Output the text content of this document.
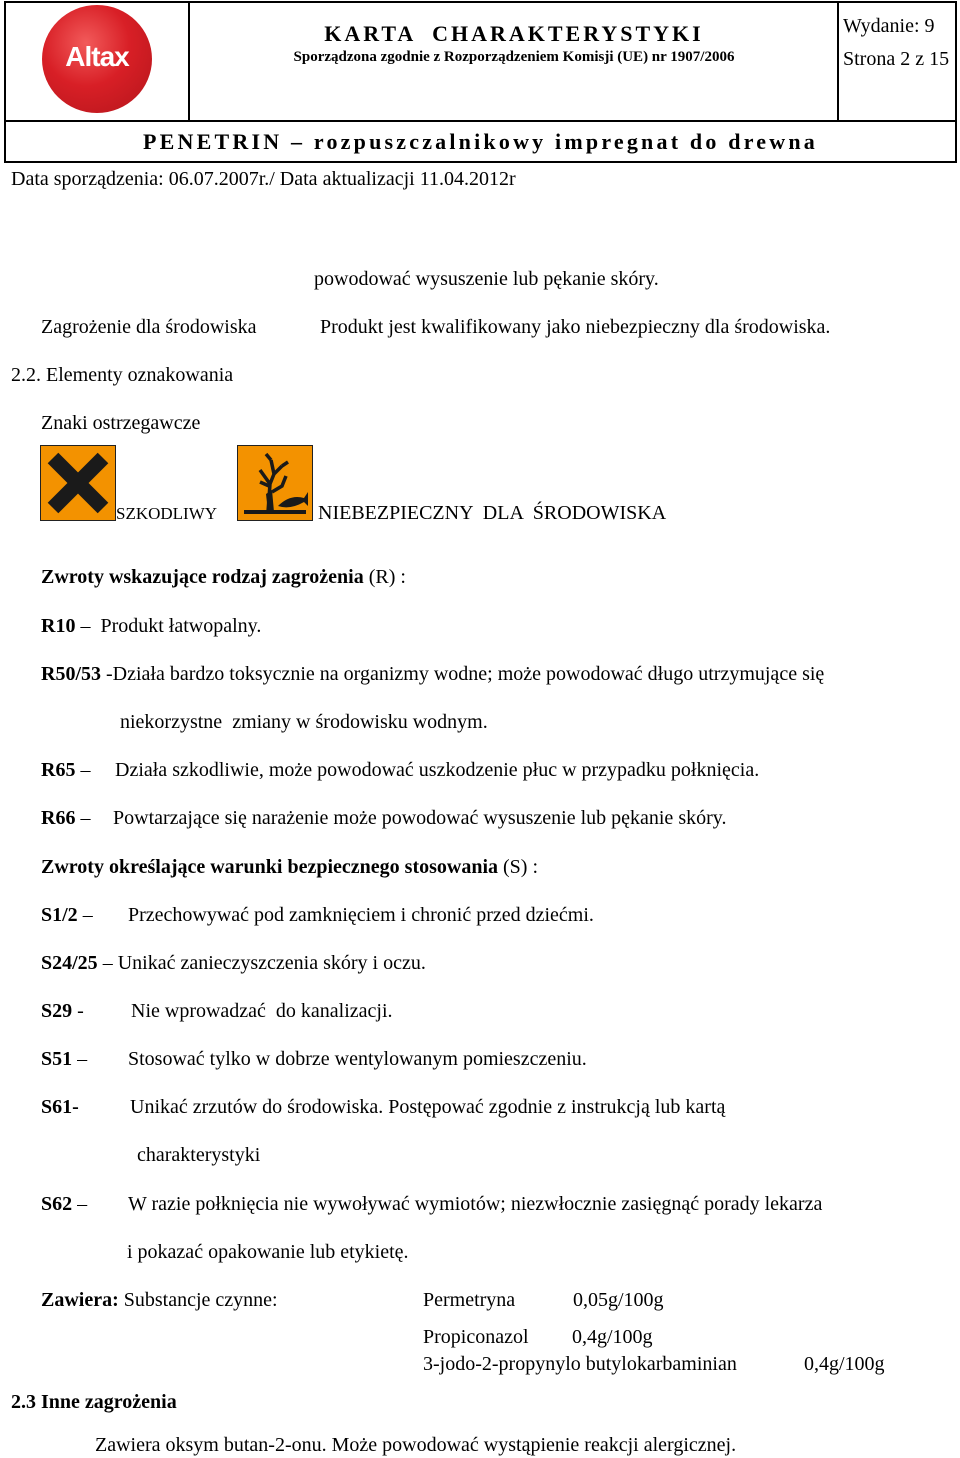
Altax
KARTA  CHARAKTERYSTYKI
Sporządzona zgodnie z Rozporządzeniem Komisji (UE) nr 1907/2006
Wydanie: 9
Strona 2 z 15
PENETRIN – rozpuszczalnikowy impregnat do drewna
Data sporządzenia: 06.07.2007r./ Data aktualizacji 11.04.2012r
powodować wysuszenie lub pękanie skóry.
Zagrożenie dla środowiska	Produkt jest kwalifikowany jako niebezpieczny dla środowiska.
2.2. Elementy oznakowania
Znaki ostrzegawcze
SZKODLIWY	NIEBEZPIECZNY  DLA  ŚRODOWISKA
Zwroty wskazujące rodzaj zagrożenia (R) :
R10 –  Produkt łatwopalny.
R50/53 -Działa bardzo toksycznie na organizmy wodne; może powodować długo utrzymujące się
niekorzystne  zmiany w środowisku wodnym.
R65 – Działa szkodliwie, może powodować uszkodzenie płuc w przypadku połknięcia.
R66 – Powtarzające się narażenie może powodować wysuszenie lub pękanie skóry.
Zwroty określające warunki bezpiecznego stosowania (S) :
S1/2 – Przechowywać pod zamknięciem i chronić przed dziećmi.
S24/25 – Unikać zanieczyszczenia skóry i oczu.
S29 - Nie wprowadzać  do kanalizacji.
S51 – Stosować tylko w dobrze wentylowanym pomieszczeniu.
S61-	Unikać zrzutów do środowiska. Postępować zgodnie z instrukcją lub kartą
charakterystyki
S62 – W razie połknięcia nie wywoływać wymiotów; niezwłocznie zasięgnąć porady lekarza
i pokazać opakowanie lub etykietę.
Zawiera: Substancje czynne:	Permetryna	0,05g/100g
Propiconazol 0,4g/100g
3-jodo-2-propynylo butylokarbaminian	0,4g/100g
2.3 Inne zagrożenia
Zawiera oksym butan-2-onu. Może powodować wystąpienie reakcji alergicznej.
